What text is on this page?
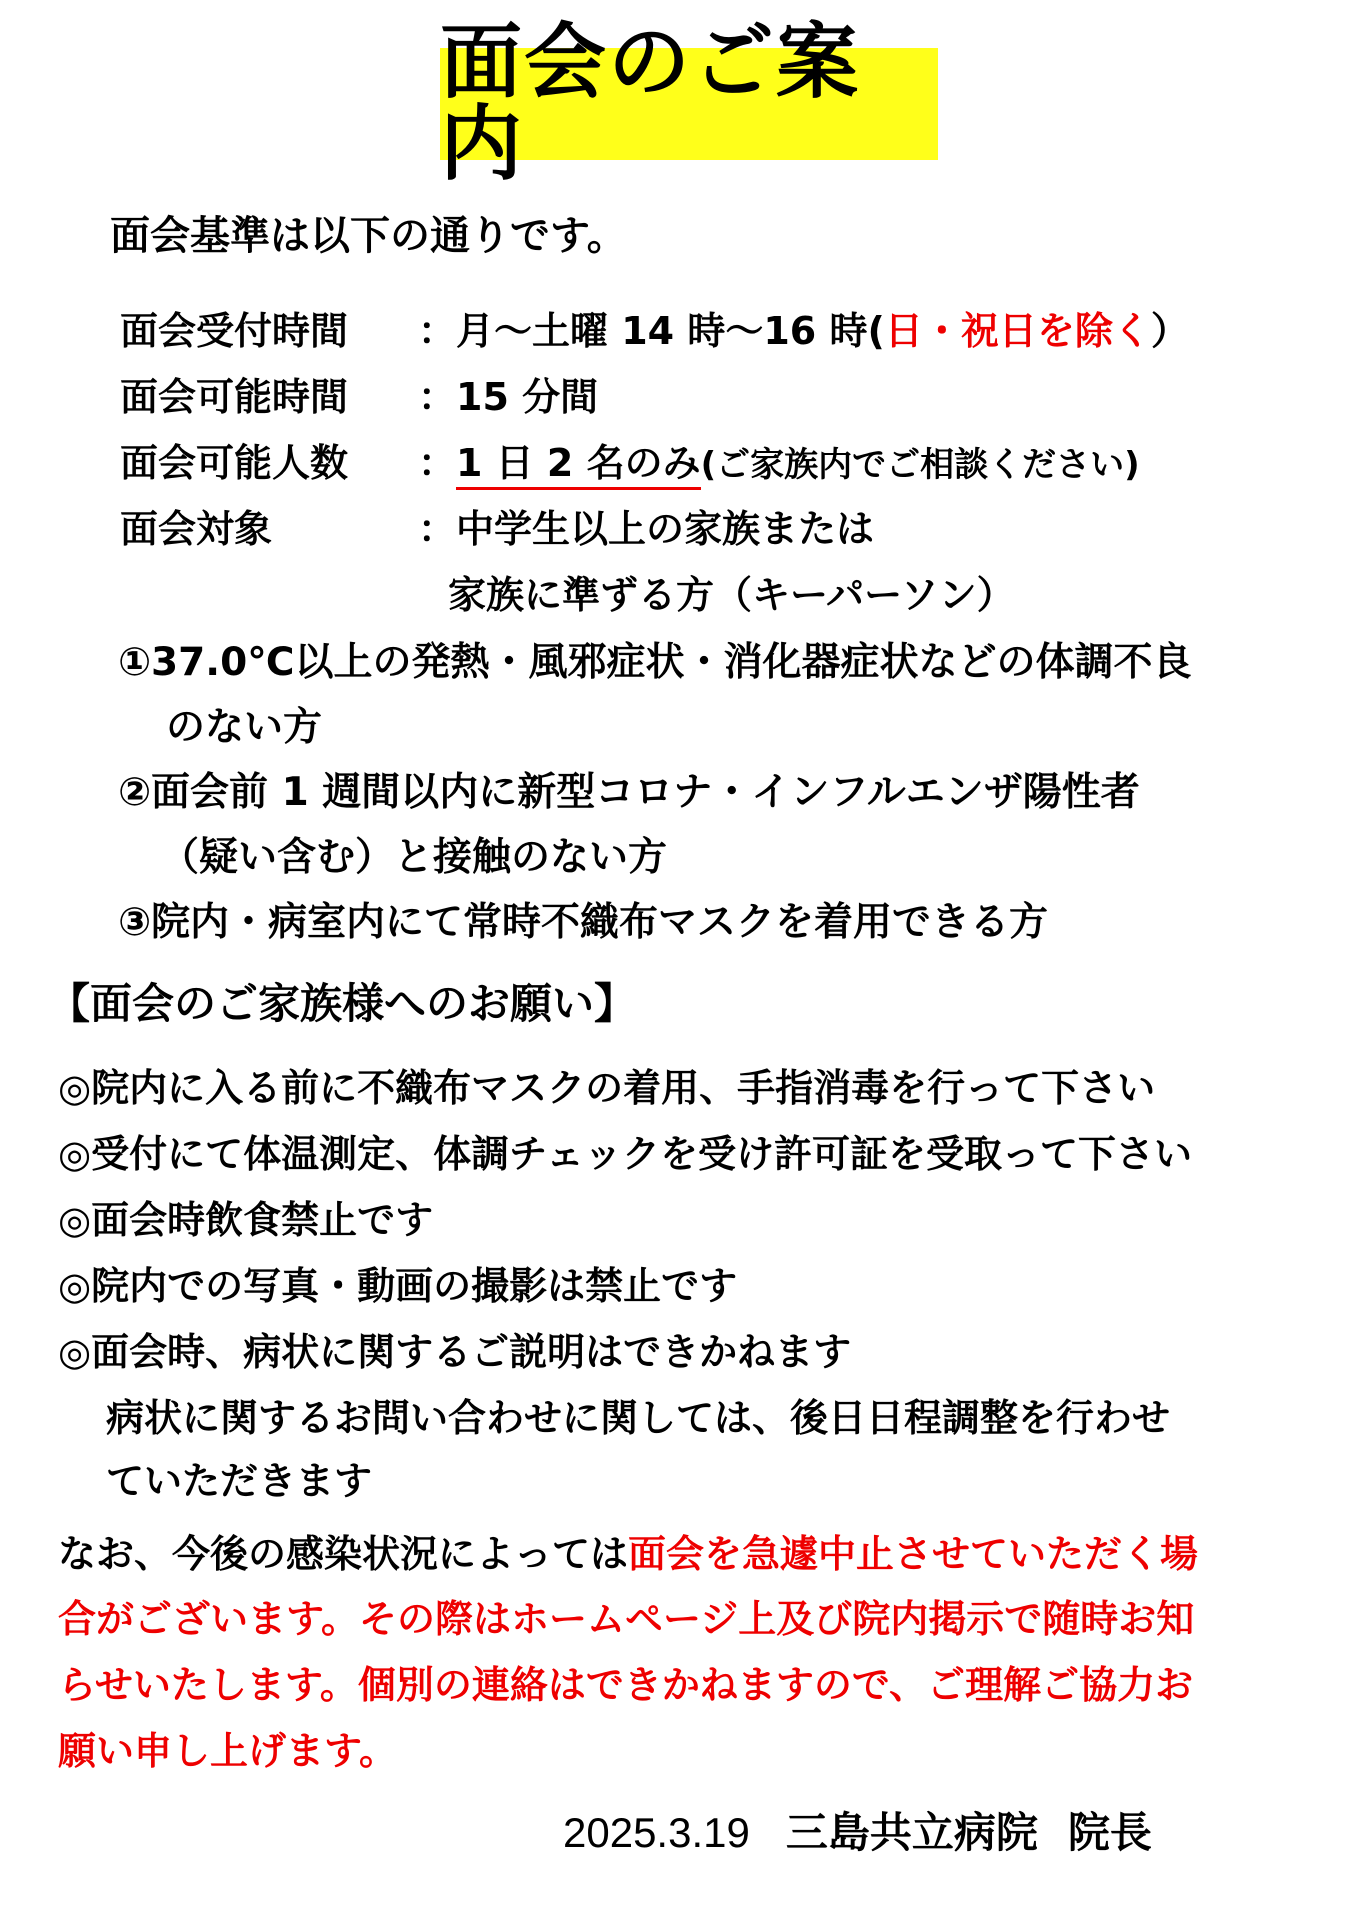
面会のご案内
面会基準は以下の通りです。
面会受付時間 ：月～土曜 14 時～16 時(日・祝日を除く）
面会可能時間 ：15 分間
面会可能人数 ：1 日 2 名のみ(ご家族内でご相談ください)
面会対象	：中学生以上の家族または
家族に準ずる方（キーパーソン）
①37.0℃以上の発熱・風邪症状・消化器症状などの体調不良
のない方
②面会前 1 週間以内に新型コロナ・インフルエンザ陽性者
（疑い含む）と接触のない方
③院内・病室内にて常時不織布マスクを着用できる方
【面会のご家族様へのお願い】
◎院内に入る前に不織布マスクの着用、手指消毒を行って下さい
◎受付にて体温測定、体調チェックを受け許可証を受取って下さい
◎面会時飲食禁止です
◎院内での写真・動画の撮影は禁止です
◎面会時、病状に関するご説明はできかねます
病状に関するお問い合わせに関しては、後日日程調整を行わせ
ていただきます
なお、今後の感染状況によっては面会を急遽中止させていただく場
合がございます。その際はホームページ上及び院内掲示で随時お知
らせいたします。個別の連絡はできかねますので、ご理解ご協力お
願い申し上げます。
2025.3.19 三島共立病院 院長
